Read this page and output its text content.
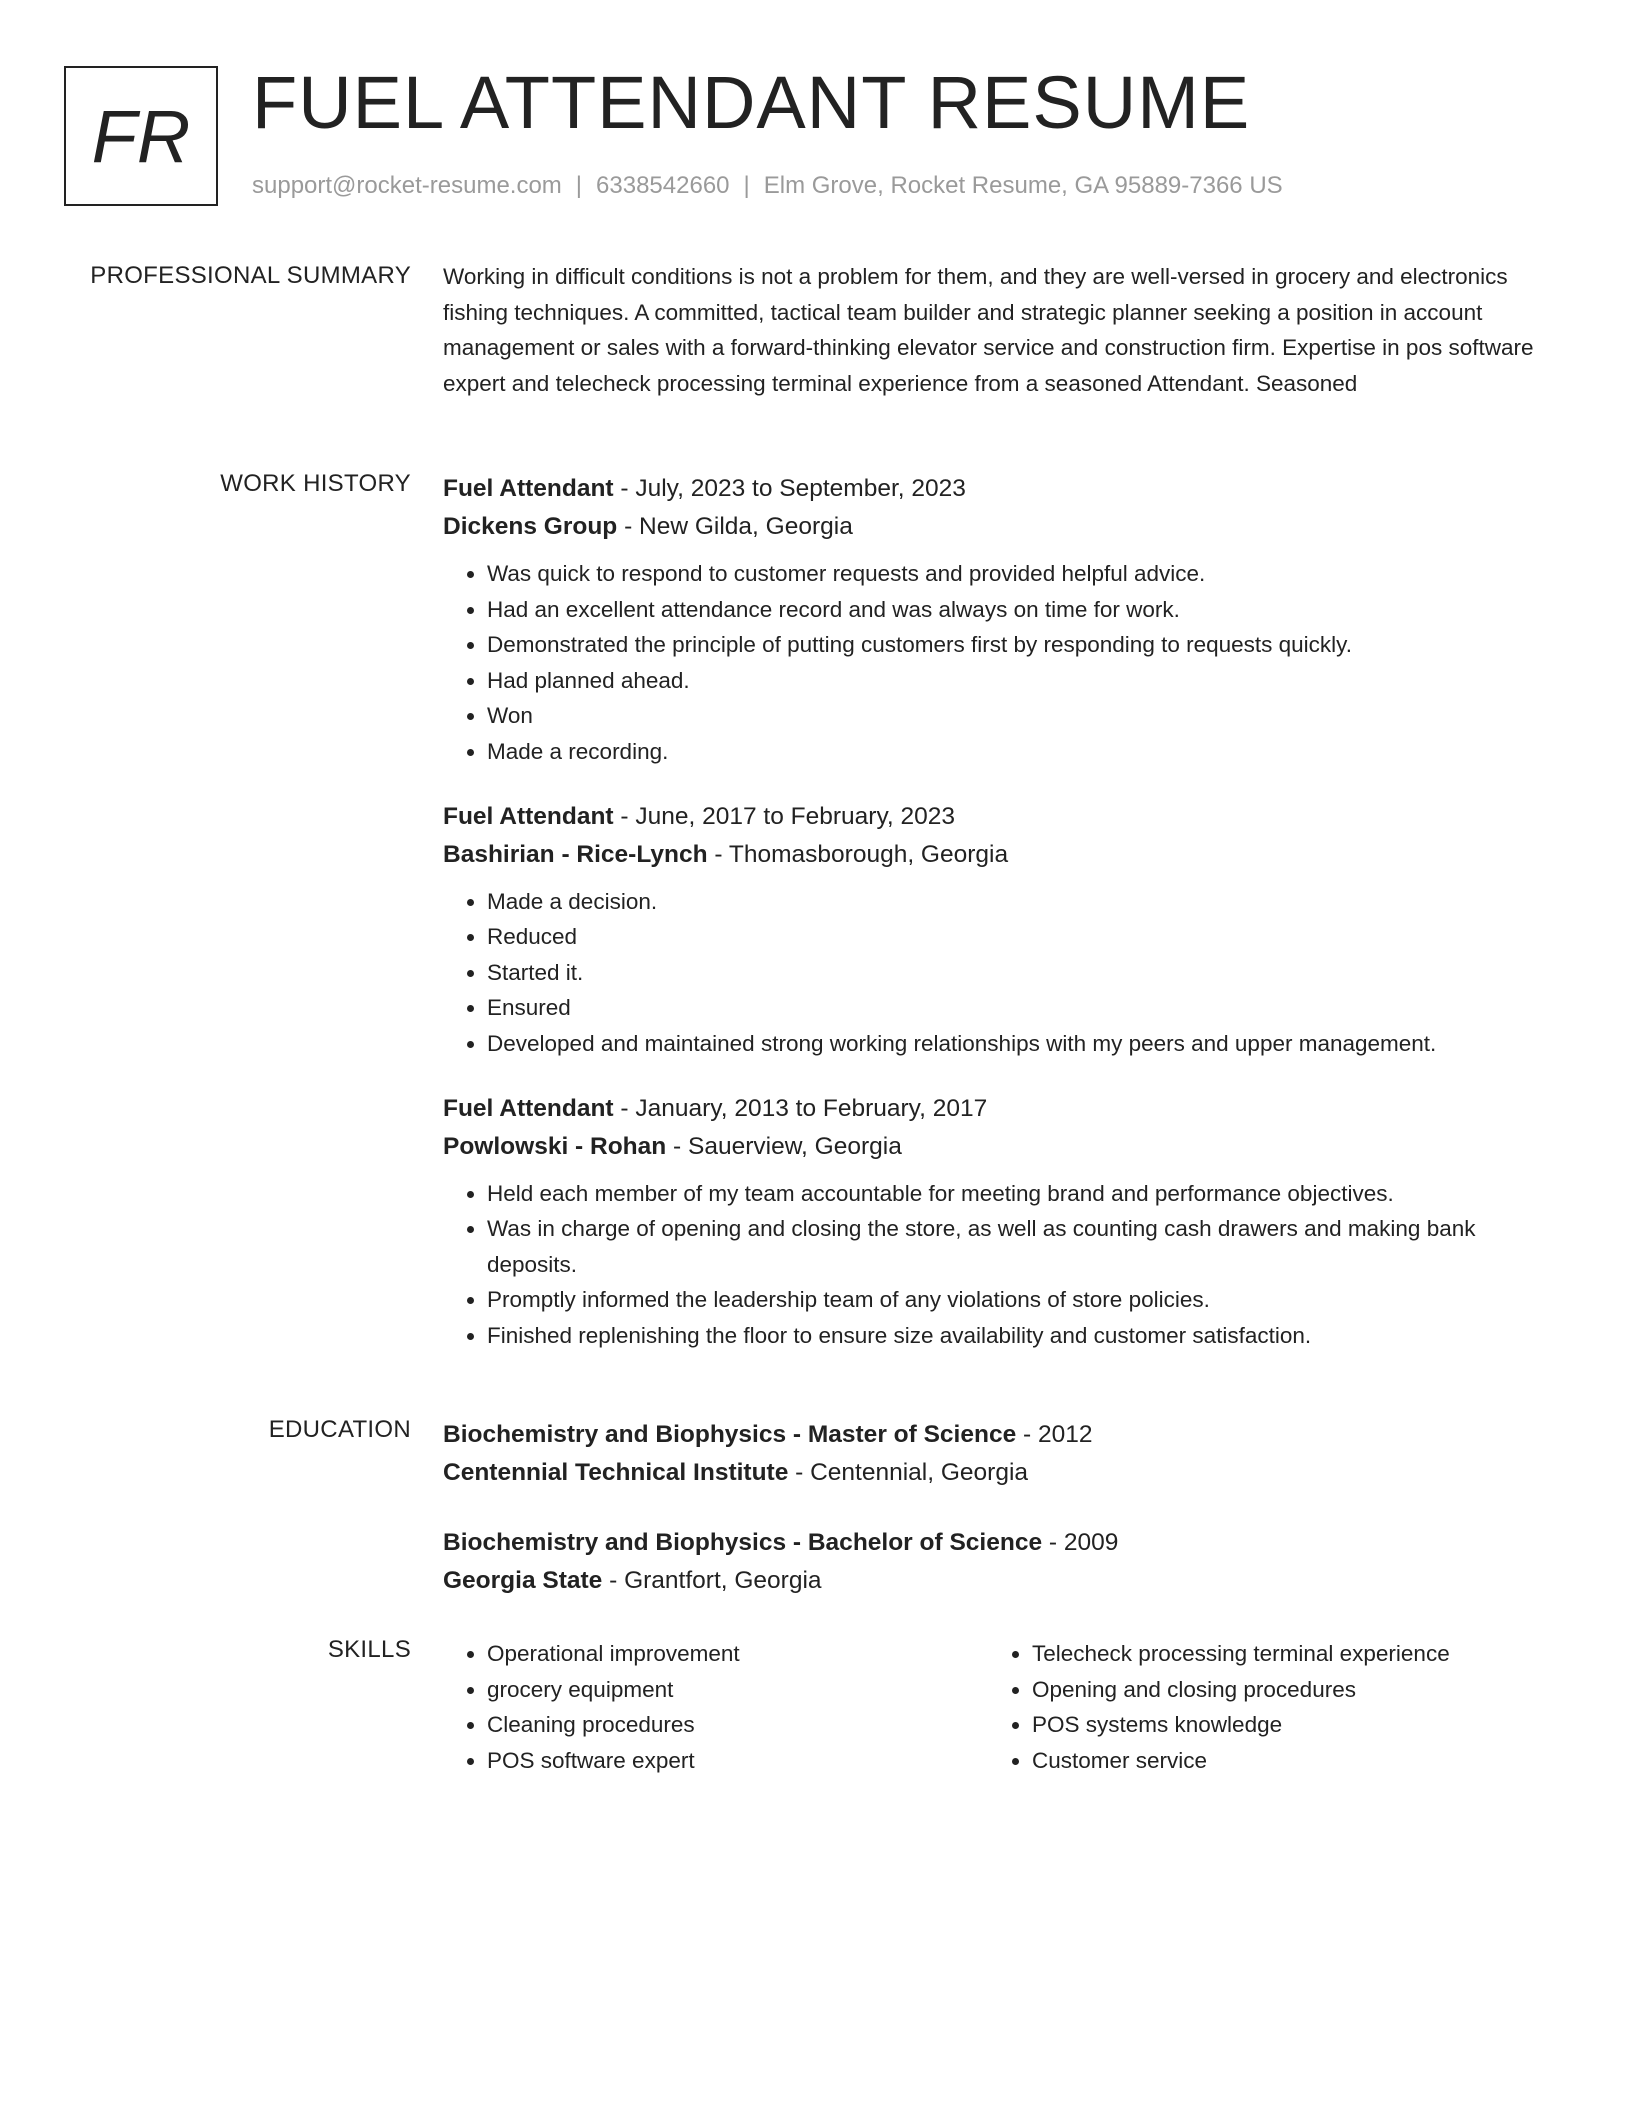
FR FUEL ATTENDANT RESUME
support@rocket-resume.com | 6338542660 | Elm Grove, Rocket Resume, GA 95889-7366 US
PROFESSIONAL SUMMARY Working in difficult conditions is not a problem for them, and they are well-versed in grocery and electronics fishing techniques. A committed, tactical team builder and strategic planner seeking a position in account management or sales with a forward-thinking elevator service and construction firm. Expertise in pos software expert and telecheck processing terminal experience from a seasoned Attendant. Seasoned

WORK HISTORY Fuel Attendant - July, 2023 to September, 2023
Dickens Group - New Gilda, Georgia
• Was quick to respond to customer requests and provided helpful advice.
• Had an excellent attendance record and was always on time for work.
• Demonstrated the principle of putting customers first by responding to requests quickly.
• Had planned ahead.
• Won
• Made a recording.
Fuel Attendant - June, 2017 to February, 2023
Bashirian - Rice-Lynch - Thomasborough, Georgia
• Made a decision.
• Reduced
• Started it.
• Ensured
• Developed and maintained strong working relationships with my peers and upper management.
Fuel Attendant - January, 2013 to February, 2017
Powlowski - Rohan - Sauerview, Georgia
• Held each member of my team accountable for meeting brand and performance objectives.
• Was in charge of opening and closing the store, as well as counting cash drawers and making bank deposits.
• Promptly informed the leadership team of any violations of store policies.
• Finished replenishing the floor to ensure size availability and customer satisfaction.
EDUCATION Biochemistry and Biophysics - Master of Science - 2012
Centennial Technical Institute - Centennial, Georgia
Biochemistry and Biophysics - Bachelor of Science - 2009
Georgia State - Grantfort, Georgia
SKILLS
•	Operational improvement
• grocery equipment
• Cleaning procedures
• POS software expert
• Telecheck processing terminal experience
• Opening and closing procedures
• POS systems knowledge
• Customer service
